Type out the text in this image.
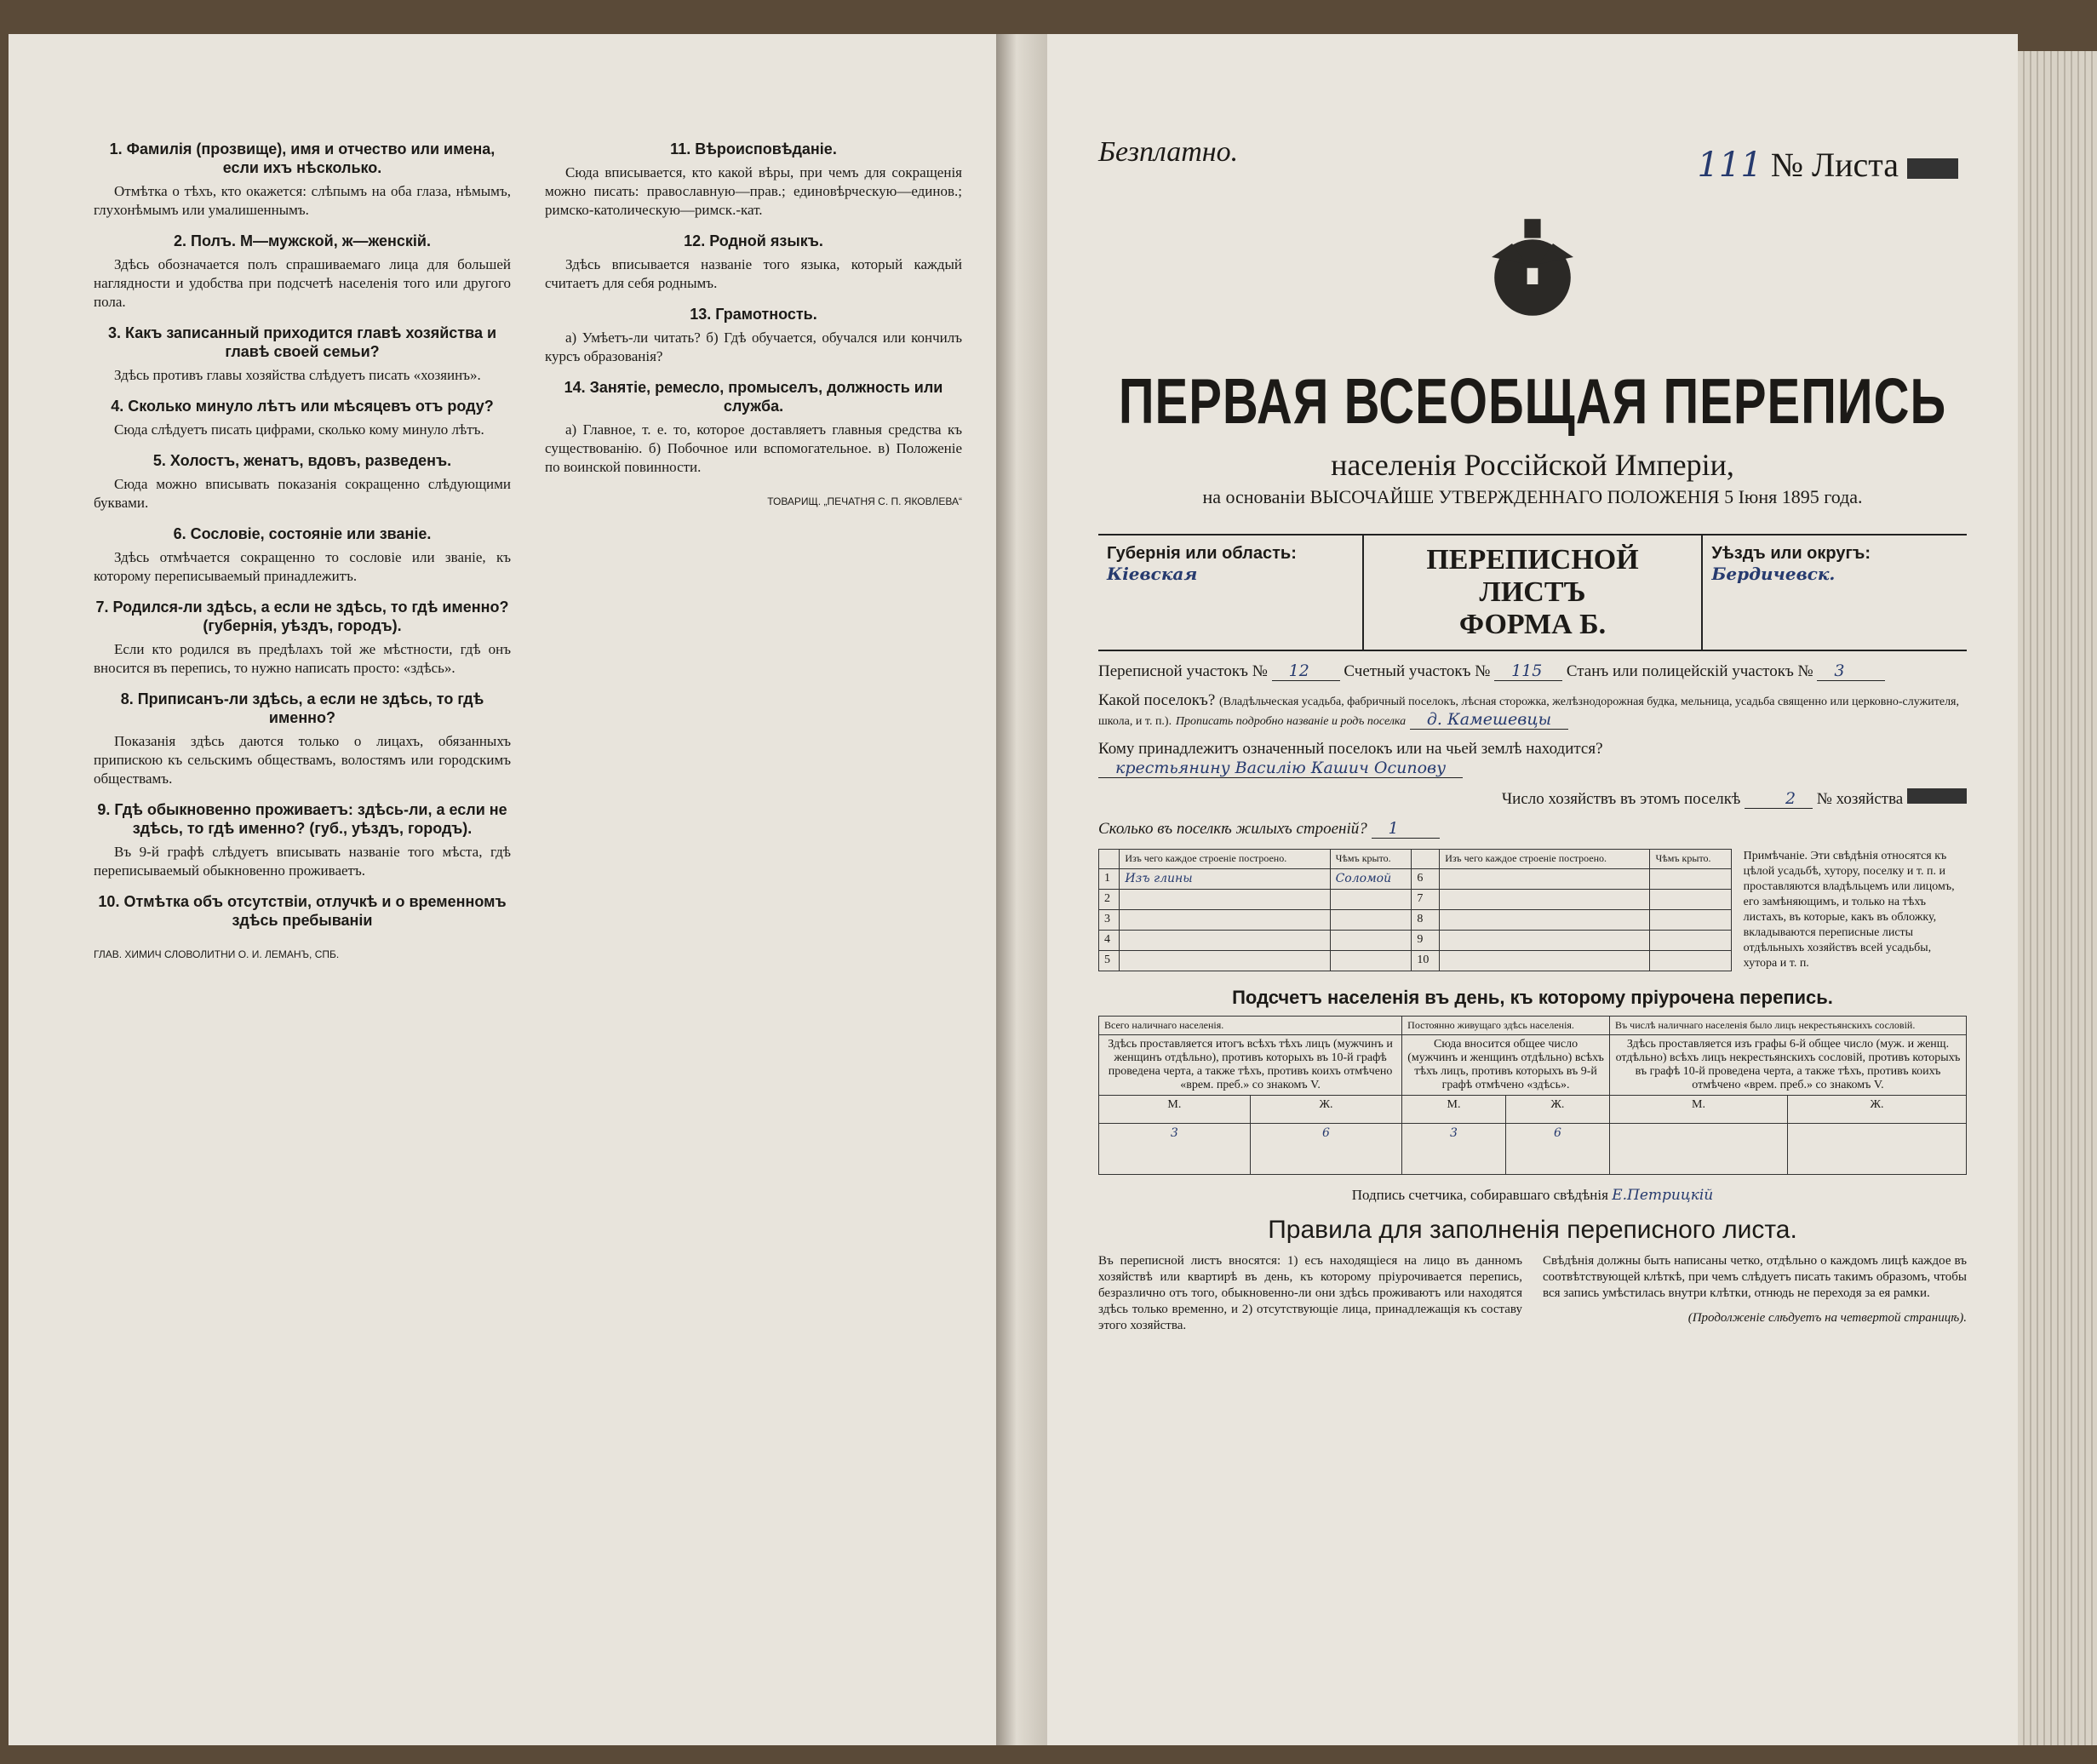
1. Фамилія (прозвище), имя и отчество или имена, если ихъ нѣсколько.

Отмѣтка о тѣхъ, кто окажется: слѣпымъ на оба глаза, нѣмымъ, глухонѣмымъ или умалишеннымъ.

2. Полъ. М—мужской, ж—женскій.

Здѣсь обозначается полъ спрашиваемаго лица для большей наглядности и удобства при подсчетѣ населенія того или другого пола.

3. Какъ записанный приходится главѣ хозяйства и главѣ своей семьи?

Здѣсь противъ главы хозяйства слѣдуетъ писать «хозяинъ».

4. Сколько минуло лѣтъ или мѣсяцевъ отъ роду?

Сюда слѣдуетъ писать цифрами, сколько кому минуло лѣтъ.

5. Холостъ, женатъ, вдовъ, разведенъ.

Сюда можно вписывать показанія сокращенно слѣдующими буквами.

6. Сословіе, состояніе или званіе.

Здѣсь отмѣчается сокращенно то сословіе или званіе, къ которому переписываемый принадлежитъ.

7. Родился-ли здѣсь, а если не здѣсь, то гдѣ именно? (губернія, уѣздъ, городъ).

Если кто родился въ предѣлахъ той же мѣстности, гдѣ онъ вносится въ перепись, то нужно написать просто: «здѣсь».

8. Приписанъ-ли здѣсь, а если не здѣсь, то гдѣ именно?

Показанія здѣсь даются только о лицахъ, обязанныхъ припискою къ сельскимъ обществамъ, волостямъ или городскимъ обществамъ.

9. Гдѣ обыкновенно проживаетъ: здѣсь-ли, а если не здѣсь, то гдѣ именно? (губ., уѣздъ, городъ).

Въ 9-й графѣ слѣдуетъ вписывать названіе того мѣста, гдѣ переписываемый обыкновенно проживаетъ.

10. Отмѣтка объ отсутствіи, отлучкѣ и о временномъ здѣсь пребываніи
ГЛАВ. ХИМИЧ СЛОВОЛИТНИ О. И. ЛЕМАНЪ, СПБ.
11. Вѣроисповѣданіе.

Сюда вписывается, кто какой вѣры, при чемъ для сокращенія можно писать: православную—прав.; единовѣрческую—единов.; римско-католическую—римск.-кат.

12. Родной языкъ.

Здѣсь вписывается названіе того языка, который каждый считаетъ для себя роднымъ.

13. Грамотность.

а) Умѣетъ-ли читать? б) Гдѣ обучается, обучался или кончилъ курсъ образованія?

14. Занятіе, ремесло, промыселъ, должность или служба.

а) Главное, т. е. то, которое доставляетъ главныя средства къ существованію. б) Побочное или вспомогательное. в) Положеніе по воинской повинности.

ТОВАРИЩ. „ПЕЧАТНЯ С. П. ЯКОВЛЕВА“
Безплатно.	111 № Листа
ПЕРВАЯ ВСЕОБЩАЯ ПЕРЕПИСЬ
населенія Россійской Имперіи,
на основаніи ВЫСОЧАЙШЕ УТВЕРЖДЕННАГО ПОЛОЖЕНІЯ 5 Іюня 1895 года.
Губернія или область:
Кіевская	ПЕРЕПИСНОЙ ЛИСТЪ
ФОРМА Б.
Уѣздъ или округъ:
Бердичевск.
Переписной участокъ № 12 Счетный участокъ № 115 Станъ или полицейскій участокъ № 3
Какой поселокъ? (Владѣльческая усадьба, фабричный поселокъ, лѣсная сторожка, желѣзнодорожная будка, мельница, усадьба священно или церковно-служителя, школа, и т. п.). Прописать подробно названіе и родъ поселка д. Камешевцы
Кому принадлежитъ означенный поселокъ или на чьей землѣ находится? крестьянину Василію Кашич Осипову
Число хозяйствъ въ этомъ поселкѣ	2 № хозяйства
Сколько въ поселкѣ жилыхъ строеній? 1
	Изъ чего каждое строеніе построено.	Чѣмъ крыто.		Изъ чего каждое строеніе построено.	Чѣмъ крыто.
1	Изъ глины	Соломой	6		
2			7		
3			8		
4			9		
5			10		
Примѣчаніе. Эти свѣдѣнія относятся къ цѣлой усадьбѣ, хутору, поселку и т. п. и проставляются владѣльцемъ или лицомъ, его замѣняющимъ, и только на тѣхъ листахъ, въ которые, какъ въ обложку, вкладываются переписные листы отдѣльныхъ хозяйствъ всей усадьбы, хутора и т. п.
Подсчетъ населенія въ день, къ которому пріурочена перепись.
Всего наличнаго населенія.		Постоянно живущаго здѣсь населенія.		Въ числѣ наличнаго населенія было лицъ некрестьянскихъ сословій.	
Здѣсь проставляется итогъ всѣхъ тѣхъ лицъ (мужчинъ и женщинъ отдѣльно), противъ которыхъ въ 10-й графѣ проведена черта, а также тѣхъ, противъ коихъ отмѣчено «врем. преб.» со знакомъ V.		Сюда вносится общее число (мужчинъ и женщинъ отдѣльно) всѣхъ тѣхъ лицъ, противъ которыхъ въ 9-й графѣ отмѣчено «здѣсь».		Здѣсь проставляется изъ графы 6-й общее число (муж. и женщ. отдѣльно) всѣхъ лицъ некрестьянскихъ сословій, противъ которыхъ въ графѣ 10-й проведена черта, а также тѣхъ, противъ коихъ отмѣчено «врем. преб.» со знакомъ V.	
М.	Ж.	М.	Ж.	М.	Ж.
3	6	3	6		
Подпись счетчика, собиравшаго свѣдѣнія Е.Петрицкій
Правила для заполненія переписного листа.
Въ переписной листъ вносятся: 1) есъ находящіеся на лицо въ данномъ хозяйствѣ или квартирѣ въ день, къ которому пріурочивается перепись, безразлично отъ того, обыкновенно-ли они здѣсь проживаютъ или находятся здѣсь только временно, и 2) отсутствующіе лица, принадлежащія къ составу этого хозяйства.
Свѣдѣнія должны быть написаны четко, отдѣльно о каждомъ лицѣ каждое въ соотвѣтствующей клѣткѣ, при чемъ слѣдуетъ писать такимъ образомъ, чтобы вся запись умѣстилась внутри клѣтки, отнюдь не переходя за ея рамки.
(Продолженіе слѣдуетъ на четвертой страницѣ).
